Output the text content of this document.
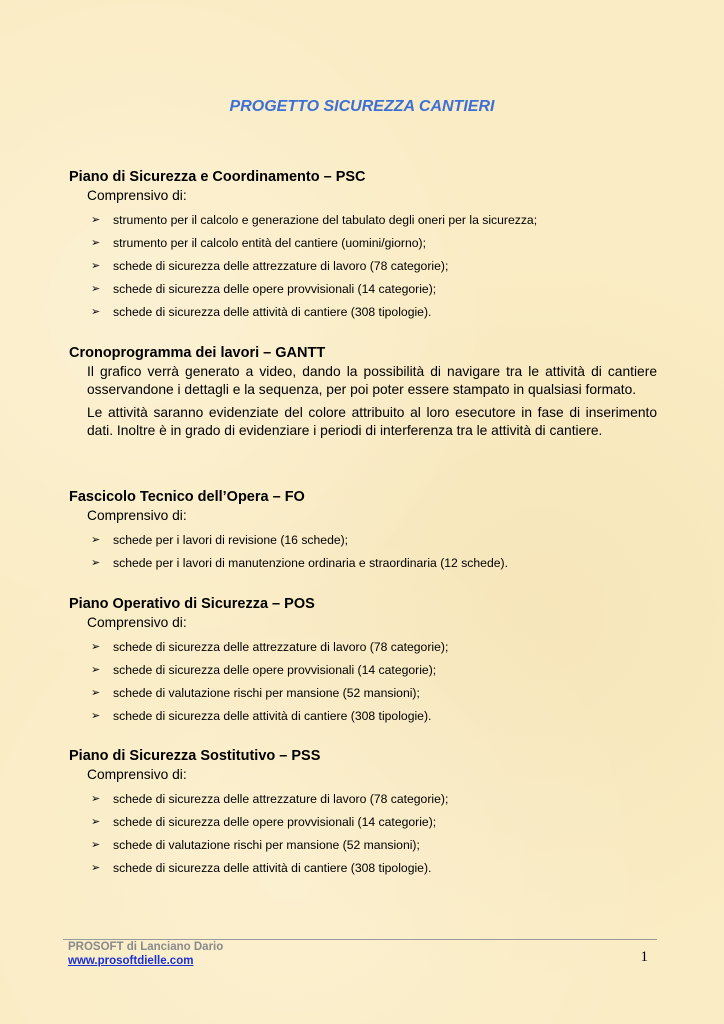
PROGETTO SICUREZZA CANTIERI
Piano di Sicurezza e Coordinamento – PSC

Comprensivo di:

➢ strumento per il calcolo e generazione del tabulato degli oneri per la sicurezza;
➢ strumento per il calcolo entità del cantiere (uomini/giorno);
➢ schede di sicurezza delle attrezzature di lavoro (78 categorie);
➢ schede di sicurezza delle opere provvisionali (14 categorie);
➢ schede di sicurezza delle attività di cantiere (308 tipologie).
Cronoprogramma dei lavori – GANTT

Il grafico verrà generato a video, dando la possibilità di navigare tra le attività di cantiere osservandone i dettagli e la sequenza, per poi poter essere stampato in qualsiasi formato.

Le attività saranno evidenziate del colore attribuito al loro esecutore in fase di inserimento dati. Inoltre è in grado di evidenziare i periodi di interferenza tra le attività di cantiere.

Fascicolo Tecnico dell’Opera – FO

Comprensivo di:

➢ schede per i lavori di revisione (16 schede);
➢ schede per i lavori di manutenzione ordinaria e straordinaria (12 schede).
Piano Operativo di Sicurezza – POS

Comprensivo di:

➢ schede di sicurezza delle attrezzature di lavoro (78 categorie);
➢ schede di sicurezza delle opere provvisionali (14 categorie);
➢ schede di valutazione rischi per mansione (52 mansioni);
➢ schede di sicurezza delle attività di cantiere (308 tipologie).
Piano di Sicurezza Sostitutivo – PSS

Comprensivo di:

➢ schede di sicurezza delle attrezzature di lavoro (78 categorie);
➢ schede di sicurezza delle opere provvisionali (14 categorie);
➢ schede di valutazione rischi per mansione (52 mansioni);
➢ schede di sicurezza delle attività di cantiere (308 tipologie).
PROSOFT di Lanciano Dario
www.prosoftdielle.com	1
